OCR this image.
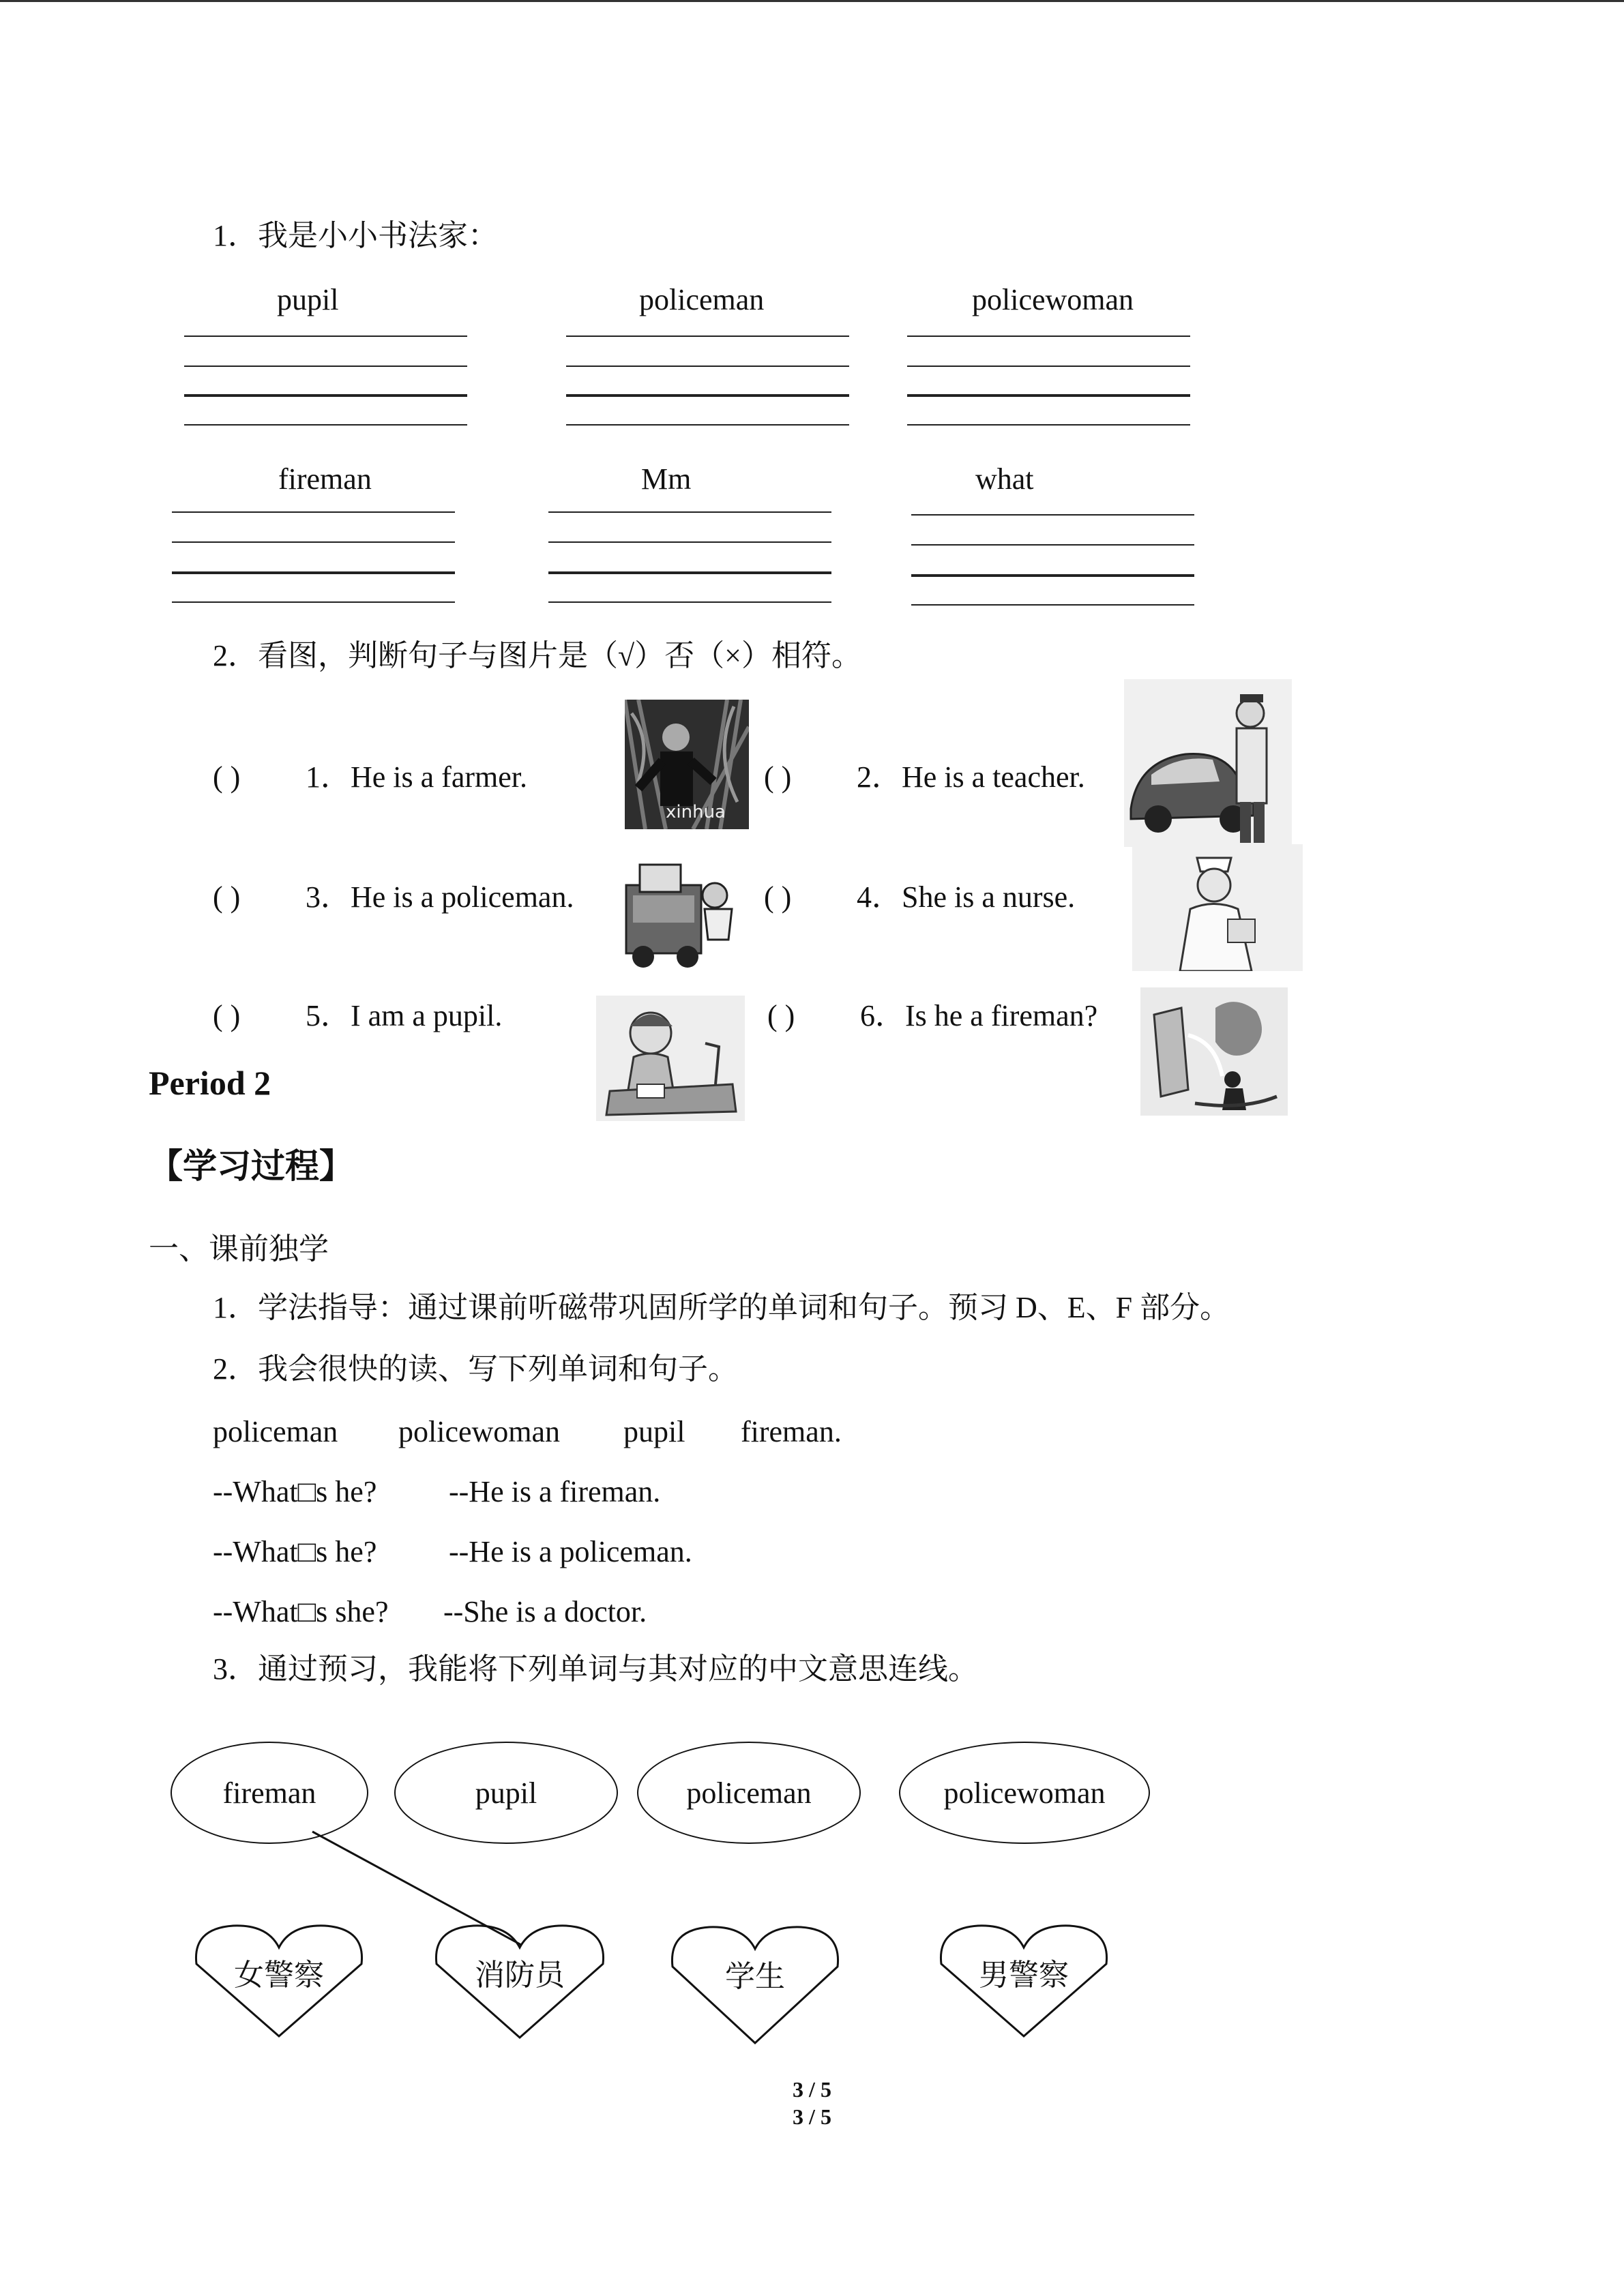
1．我是小小书法家：
pupil	policeman	policewoman
fireman	Mm	what
2．看图，判断句子与图片是（√）否（×）相符。
( ) 1．He is a farmer.	( ) 2．He is a teacher.
( ) 3．He is a policeman.	( ) 4．She is a nurse.
( ) 5．I am a pupil.	( ) 6．Is he a fireman?
xinhua
Period 2
【学习过程】
一、课前独学
1．学法指导：通过课前听磁带巩固所学的单词和句子。预习 D、E、F 部分。
2．我会很快的读、写下列单词和句子。
policeman policewoman pupil fireman.
--What□s he? --He is a fireman.
--What□s he? --He is a policeman.
--What□s she? --She is a doctor.
3．通过预习，我能将下列单词与其对应的中文意思连线。
fireman	pupil	policeman	policewoman
女警察	消防员	学生	男警察
3 / 5
3 / 5
